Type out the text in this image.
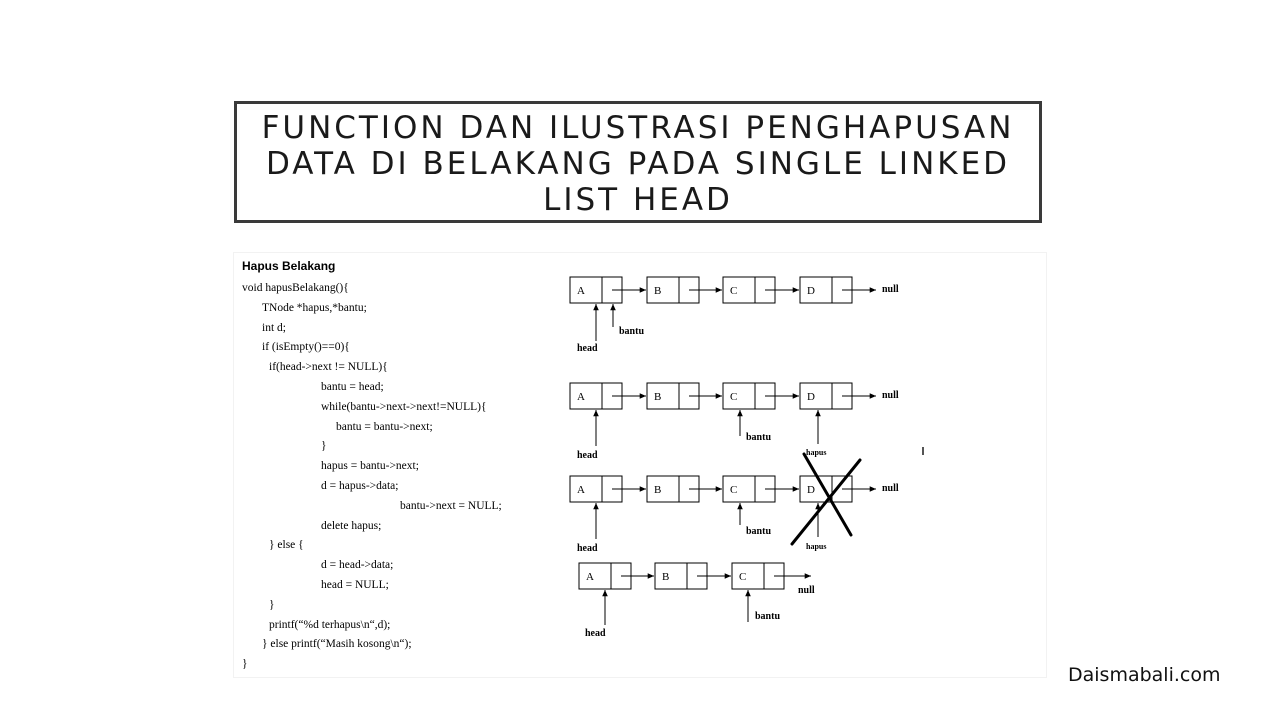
FUNCTION DAN ILUSTRASI PENGHAPUSAN DATA DI BELAKANG PADA SINGLE LINKED LIST HEAD
Hapus Belakang
void hapusBelakang(){
TNode *hapus,*bantu;
int d;
if (isEmpty()==0){
if(head->next != NULL){
bantu = head;
while(bantu->next->next!=NULL){
bantu = bantu->next;
}
hapus = bantu->next;
d = hapus->data;
bantu->next = NULL;
delete hapus;
} else {
d = head->data;
head = NULL;
}
printf(“%d terhapus\n“,d);
} else printf(“Masih kosong\n“);
}
A	B	C	D	null
head
bantu
A	B	C	D	null
head
bantu
hapus
A	B	C	D	null
head
bantu
hapus
A	B	C
null
head
bantu
Daismabali.com
